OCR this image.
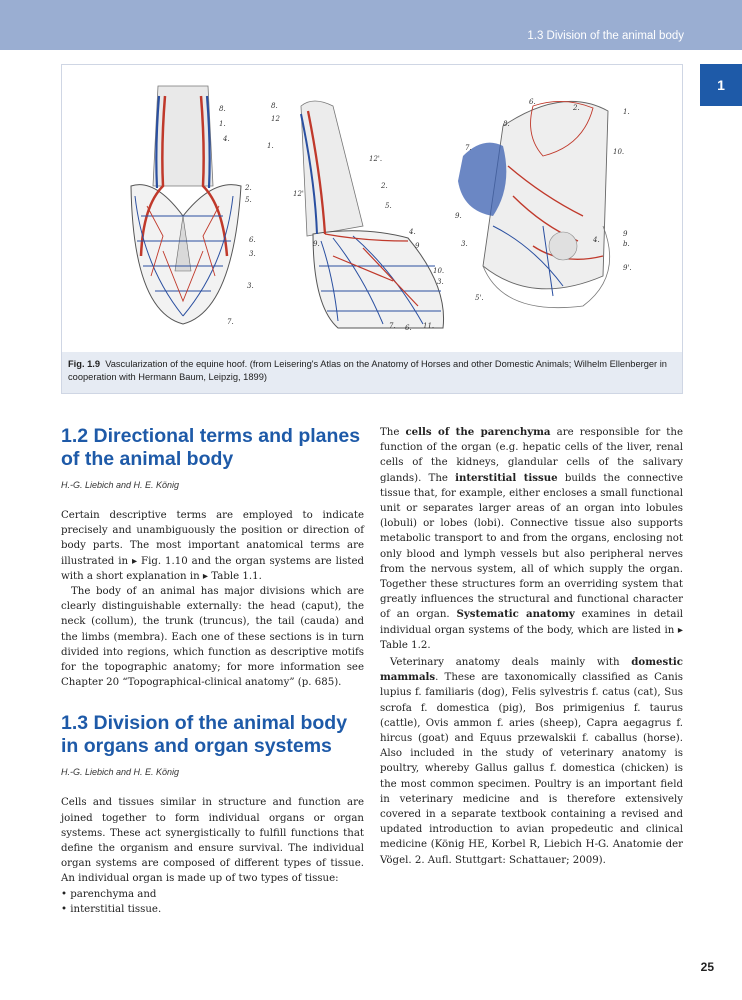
1.3 Division of the animal body
1
8.
1.
4.
2.
5.
6.
3.
3.
7.
8.
12
1.
12'.
2.
12'
5.
4.
9.	9
10.
3.
7. 6. 11.
6.
2.	1.
8.
7.	10.
9.
3.	4.
9
b.
9'.
5'.
Fig. 1.9 Vascularization of the equine hoof. (from Leisering's Atlas on the Anatomy of Horses and other Domestic Animals; Wilhelm Ellenberger in cooperation with Hermann Baum, Leipzig, 1899)
1.2 Directional terms and planes
of the animal body

H.-G. Liebich and H. E. König

Certain descriptive terms are employed to indicate precisely and unambiguously the position or direction of body parts. The most important anatomical terms are illustrated in ▸ Fig. 1.10 and the organ systems are listed with a short explanation in ▸ Table 1.1.

The body of an animal has major divisions which are clearly distinguishable externally: the head (caput), the neck (collum), the trunk (truncus), the tail (cauda) and the limbs (membra). Each one of these sections is in turn divided into regions, which function as descriptive motifs for the topographic anatomy; for more information see Chapter 20 “Topographical-clinical anatomy” (p. 685).

1.3 Division of the animal body
in organs and organ systems

H.-G. Liebich and H. E. König

Cells and tissues similar in structure and function are joined together to form individual organs or organ systems. These act synergistically to fulfill functions that define the organism and ensure survival. The individual organ systems are composed of different types of tissue. An individual organ is made up of two types of tissue:

• parenchyma and
• interstitial tissue.

The cells of the parenchyma are responsible for the function of the organ (e.g. hepatic cells of the liver, renal cells of the kidneys, glandular cells of the salivary glands). The interstitial tissue builds the connective tissue that, for example, either encloses a small functional unit or separates larger areas of an organ into lobules (lobuli) or lobes (lobi). Connective tissue also supports metabolic transport to and from the organs, enclosing not only blood and lymph vessels but also peripheral nerves from the nervous system, all of which supply the organ. Together these structures form an overriding system that greatly influences the structural and functional character of an organ. Systematic anatomy examines in detail individual organ systems of the body, which are listed in ▸ Table 1.2.

Veterinary anatomy deals mainly with domestic mammals. These are taxonomically classified as Canis lupius f. familiaris (dog), Felis sylvestris f. catus (cat), Sus scrofa f. domestica (pig), Bos primigenius f. taurus (cattle), Ovis ammon f. aries (sheep), Capra aegagrus f. hircus (goat) and Equus przewalskii f. caballus (horse). Also included in the study of veterinary anatomy is poultry, whereby Gallus gallus f. domestica (chicken) is the most common specimen. Poultry is an important field in veterinary medicine and is therefore extensively covered in a separate textbook containing a revised and updated introduction to avian propedeutic and clinical medicine (König HE, Korbel R, Liebich H-G. Anatomie der Vögel. 2. Aufl. Stuttgart: Schattauer; 2009).

25
